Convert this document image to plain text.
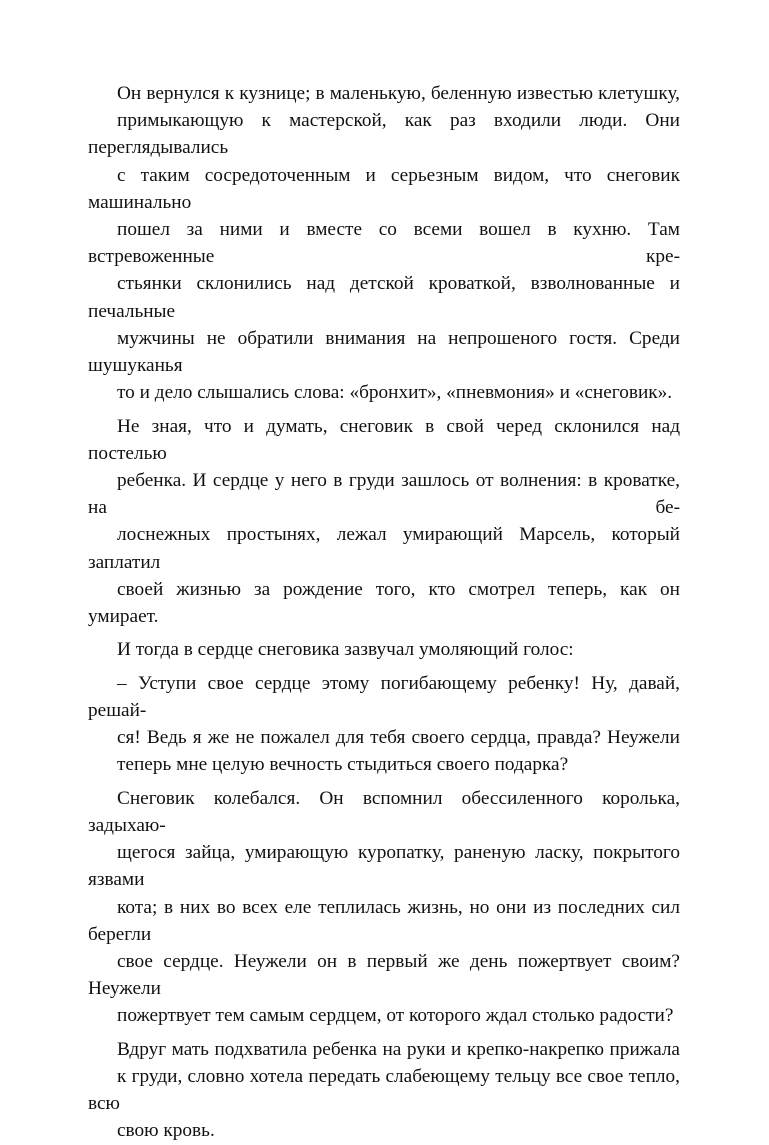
Он вернулся к кузнице; в маленькую, беленную известью клетушку,
примыкающую к мастерской, как раз входили люди. Они переглядывались
с таким сосредоточенным и серьезным видом, что снеговик машинально
пошел за ними и вместе со всеми вошел в кухню. Там встревоженные кре-
стьянки склонились над детской кроваткой, взволнованные и печальные
мужчины не обратили внимания на непрошеного гостя. Среди шушуканья
то и дело слышались слова: «бронхит», «пневмония» и «снеговик».
Не зная, что и думать, снеговик в свой черед склонился над постелью
ребенка. И сердце у него в груди зашлось от волнения: в кроватке, на бе-
лоснежных простынях, лежал умирающий Марсель, который заплатил
своей жизнью за рождение того, кто смотрел теперь, как он умирает.
И тогда в сердце снеговика зазвучал умоляющий голос:
– Уступи свое сердце этому погибающему ребенку! Ну, давай, решай-
ся! Ведь я же не пожалел для тебя своего сердца, правда? Неужели
теперь мне целую вечность стыдиться своего подарка?
Снеговик колебался. Он вспомнил обессиленного королька, задыхаю-
щегося зайца, умирающую куропатку, раненую ласку, покрытого язвами
кота; в них во всех еле теплилась жизнь, но они из последних сил берегли
свое сердце. Неужели он в первый же день пожертвует своим? Неужели
пожертвует тем самым сердцем, от которого ждал столько радости?
Вдруг мать подхватила ребенка на руки и крепко-накрепко прижала
к груди, словно хотела передать слабеющему тельцу все свое тепло, всю
свою кровь.
